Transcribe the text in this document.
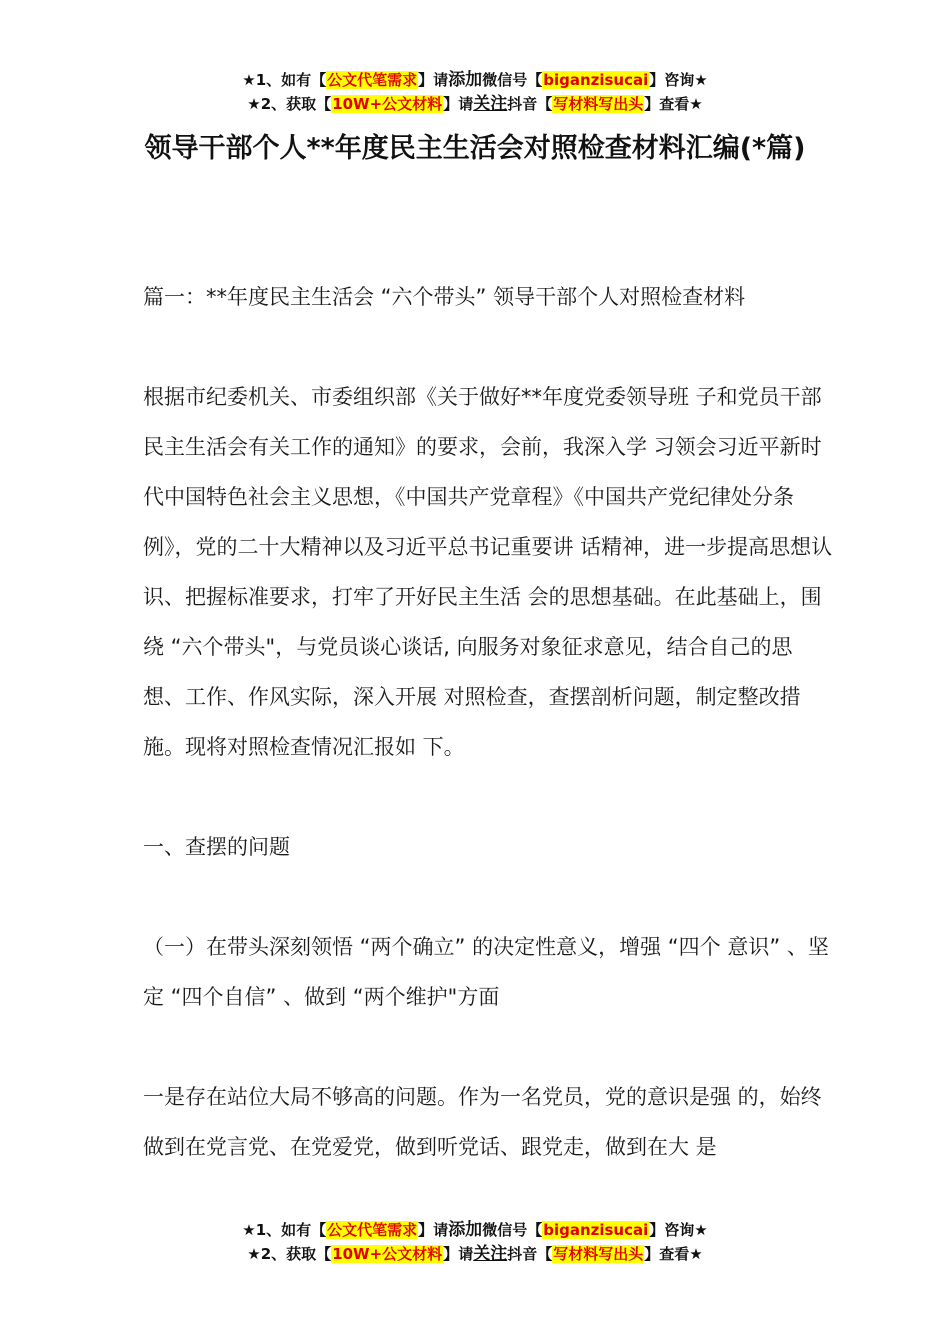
★1、如有【公文代笔需求】请添加微信号【biganzisucai】咨询★
★2、获取【10W+公文材料】请关注抖音【写材料写出头】查看★
领导干部个人**年度民主生活会对照检查材料汇编(*篇)

篇一：**年度民主生活会 “六个带头” 领导干部个人对照检查材料

根据市纪委机关、市委组织部《关于做好**年度党委领导班 子和党员干部民主生活会有关工作的通知》的要求，会前，我深入学 习领会习近平新时代中国特色社会主义思想，《中国共产党章程》《中国共产党纪律处分条例》，党的二十大精神以及习近平总书记重要讲 话精神，进一步提高思想认识、把握标准要求，打牢了开好民主生活 会的思想基础。在此基础上，围绕 “六个带头"，与党员谈心谈话, 向服务对象征求意见，结合自己的思想、工作、作风实际，深入开展 对照检查，查摆剖析问题，制定整改措施。现将对照检查情况汇报如 下。

一、查摆的问题

（一）在带头深刻领悟 “两个确立” 的决定性意义，增强 “四个 意识” 、坚定 “四个自信” 、做到 “两个维护"方面

一是存在站位大局不够高的问题。作为一名党员，党的意识是强 的，始终做到在党言党、在党爱党，做到听党话、跟党走，做到在大 是

★1、如有【公文代笔需求】请添加微信号【biganzisucai】咨询★
★2、获取【10W+公文材料】请关注抖音【写材料写出头】查看★
